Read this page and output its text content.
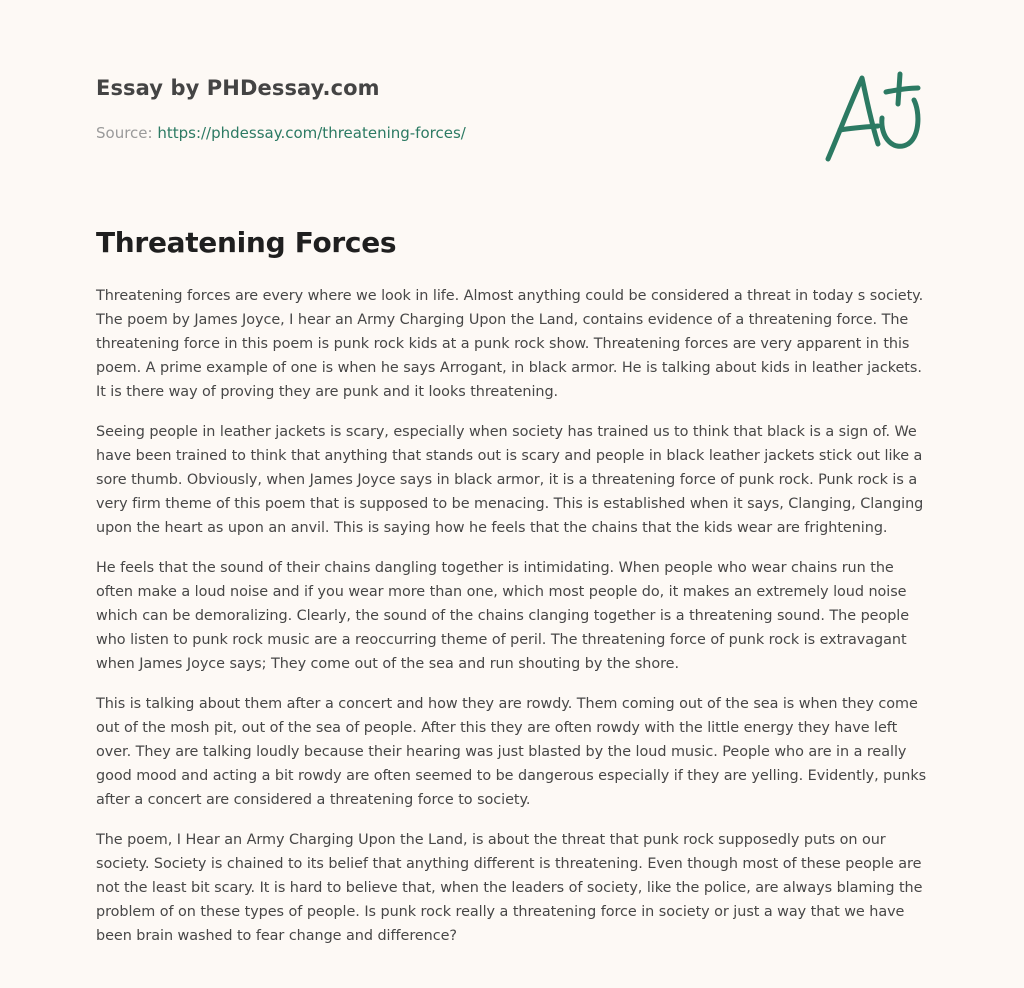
Essay by PHDessay.com
Source: https://phdessay.com/threatening-forces/
Threatening Forces

Threatening forces are every where we look in life. Almost anything could be considered a threat in today s society. The poem by James Joyce, I hear an Army Charging Upon the Land, contains evidence of a threatening force. The threatening force in this poem is punk rock kids at a punk rock show. Threatening forces are very apparent in this poem. A prime example of one is when he says Arrogant, in black armor. He is talking about kids in leather jackets. It is there way of proving they are punk and it looks threatening.

Seeing people in leather jackets is scary, especially when society has trained us to think that black is a sign of. We have been trained to think that anything that stands out is scary and people in black leather jackets stick out like a sore thumb. Obviously, when James Joyce says in black armor, it is a threatening force of punk rock. Punk rock is a very firm theme of this poem that is supposed to be menacing. This is established when it says, Clanging, Clanging upon the heart as upon an anvil. This is saying how he feels that the chains that the kids wear are frightening.

He feels that the sound of their chains dangling together is intimidating. When people who wear chains run the often make a loud noise and if you wear more than one, which most people do, it makes an extremely loud noise which can be demoralizing. Clearly, the sound of the chains clanging together is a threatening sound. The people who listen to punk rock music are a reoccurring theme of peril. The threatening force of punk rock is extravagant when James Joyce says; They come out of the sea and run shouting by the shore.

This is talking about them after a concert and how they are rowdy. Them coming out of the sea is when they come out of the mosh pit, out of the sea of people. After this they are often rowdy with the little energy they have left over. They are talking loudly because their hearing was just blasted by the loud music. People who are in a really good mood and acting a bit rowdy are often seemed to be dangerous especially if they are yelling. Evidently, punks after a concert are considered a threatening force to society.

The poem, I Hear an Army Charging Upon the Land, is about the threat that punk rock supposedly puts on our society. Society is chained to its belief that anything different is threatening. Even though most of these people are not the least bit scary. It is hard to believe that, when the leaders of society, like the police, are always blaming the problem of on these types of people. Is punk rock really a threatening force in society or just a way that we have been brain washed to fear change and difference?
